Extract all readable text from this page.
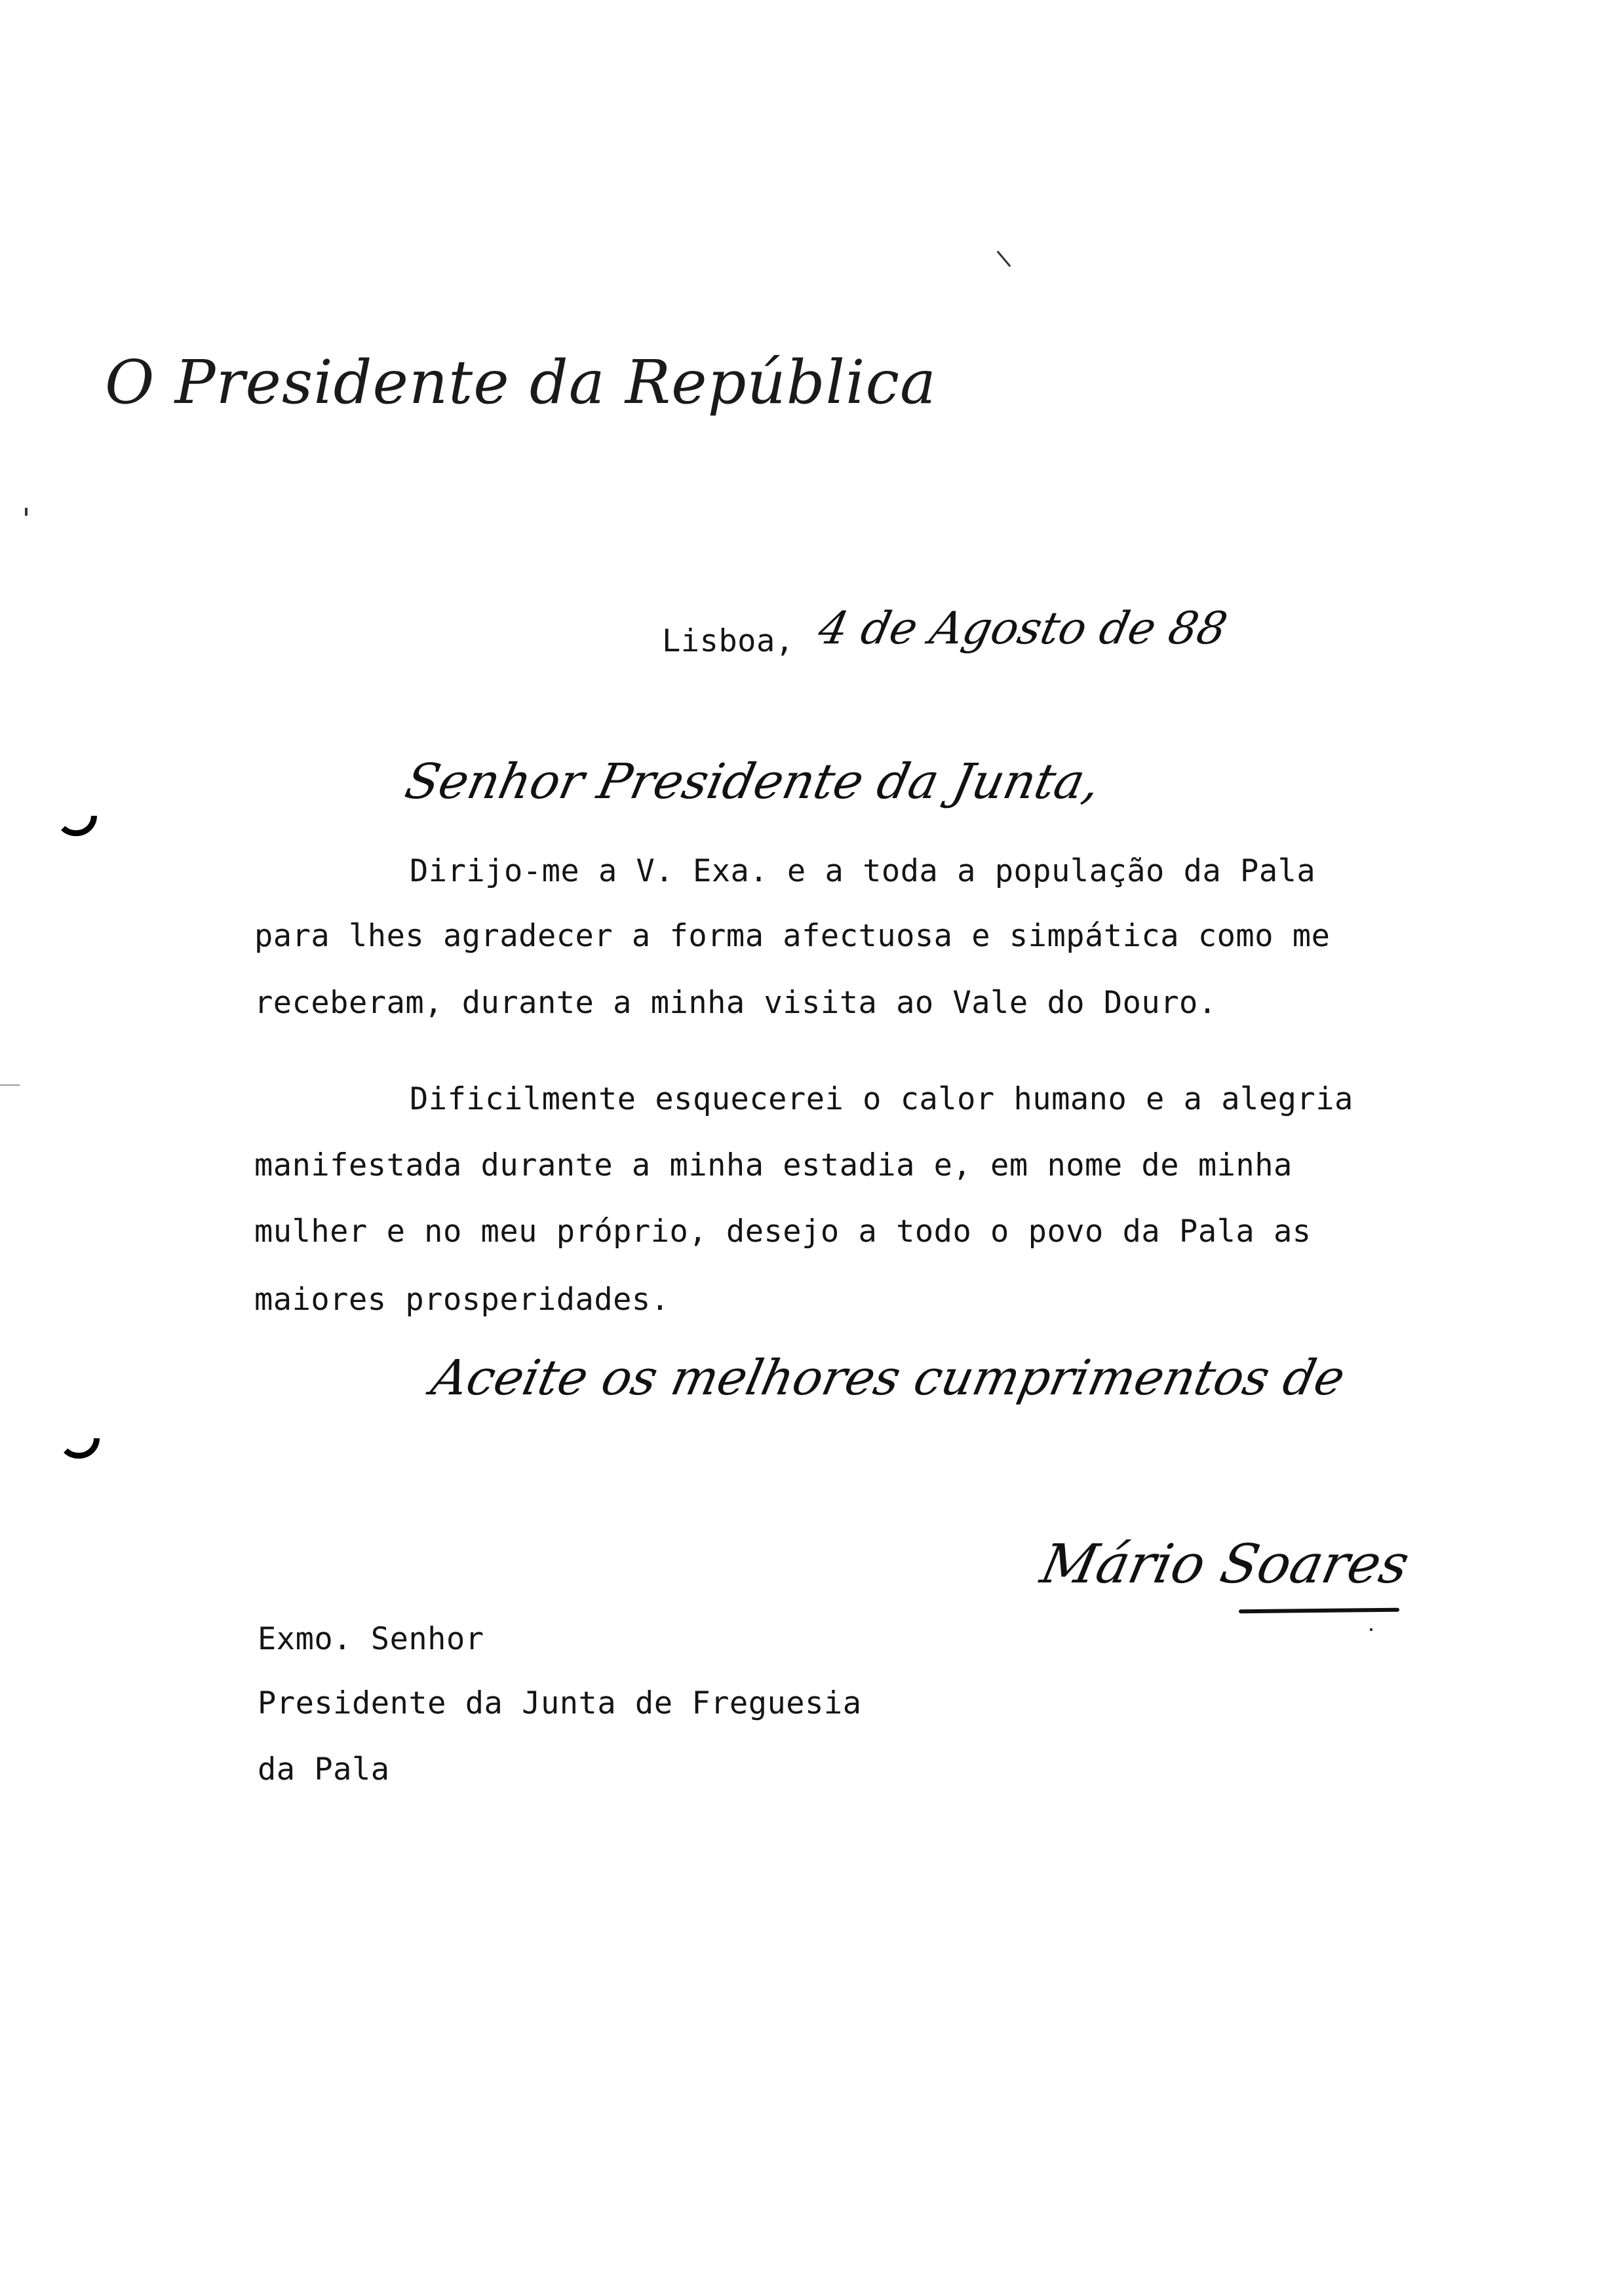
O Presidente da República
Lisboa, 4 de Agosto de 88
Senhor Presidente da Junta,
Dirijo-me a V. Exa. e a toda a população da Pala
para lhes agradecer a forma afectuosa e simpática como me
receberam, durante a minha visita ao Vale do Douro.
Dificilmente esquecerei o calor humano e a alegria
manifestada durante a minha estadia e, em nome de minha
mulher e no meu próprio, desejo a todo o povo da Pala as
maiores prosperidades.
Aceite os melhores cumprimentos de
Mário Soares
Exmo. Senhor
Presidente da Junta de Freguesia
da Pala
